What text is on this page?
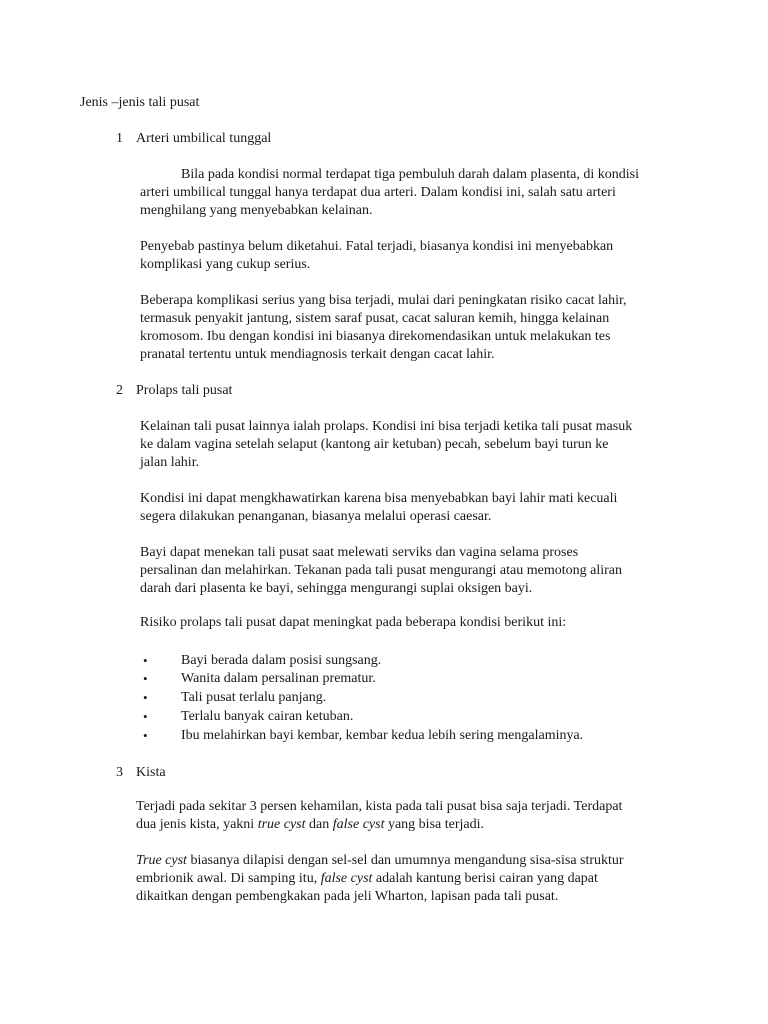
Jenis –jenis tali pusat
1 Arteri umbilical tunggal
Bila pada kondisi normal terdapat tiga pembuluh darah dalam plasenta, di kondisi
arteri umbilical tunggal hanya terdapat dua arteri. Dalam kondisi ini, salah satu arteri
menghilang yang menyebabkan kelainan.
Penyebab pastinya belum diketahui. Fatal terjadi, biasanya kondisi ini menyebabkan
komplikasi yang cukup serius.
Beberapa komplikasi serius yang bisa terjadi, mulai dari peningkatan risiko cacat lahir,
termasuk penyakit jantung, sistem saraf pusat, cacat saluran kemih, hingga kelainan
kromosom. Ibu dengan kondisi ini biasanya direkomendasikan untuk melakukan tes
pranatal tertentu untuk mendiagnosis terkait dengan cacat lahir.
2 Prolaps tali pusat
Kelainan tali pusat lainnya ialah prolaps. Kondisi ini bisa terjadi ketika tali pusat masuk
ke dalam vagina setelah selaput (kantong air ketuban) pecah, sebelum bayi turun ke
jalan lahir.
Kondisi ini dapat mengkhawatirkan karena bisa menyebabkan bayi lahir mati kecuali
segera dilakukan penanganan, biasanya melalui operasi caesar.
Bayi dapat menekan tali pusat saat melewati serviks dan vagina selama proses
persalinan dan melahirkan. Tekanan pada tali pusat mengurangi atau memotong aliran
darah dari plasenta ke bayi, sehingga mengurangi suplai oksigen bayi.
Risiko prolaps tali pusat dapat meningkat pada beberapa kondisi berikut ini:
• Bayi berada dalam posisi sungsang.
• Wanita dalam persalinan prematur.
• Tali pusat terlalu panjang.
• Terlalu banyak cairan ketuban.
• Ibu melahirkan bayi kembar, kembar kedua lebih sering mengalaminya.
3 Kista
Terjadi pada sekitar 3 persen kehamilan, kista pada tali pusat bisa saja terjadi. Terdapat
dua jenis kista, yakni true cyst dan false cyst yang bisa terjadi.
True cyst biasanya dilapisi dengan sel-sel dan umumnya mengandung sisa-sisa struktur
embrionik awal. Di samping itu, false cyst adalah kantung berisi cairan yang dapat
dikaitkan dengan pembengkakan pada jeli Wharton, lapisan pada tali pusat.
